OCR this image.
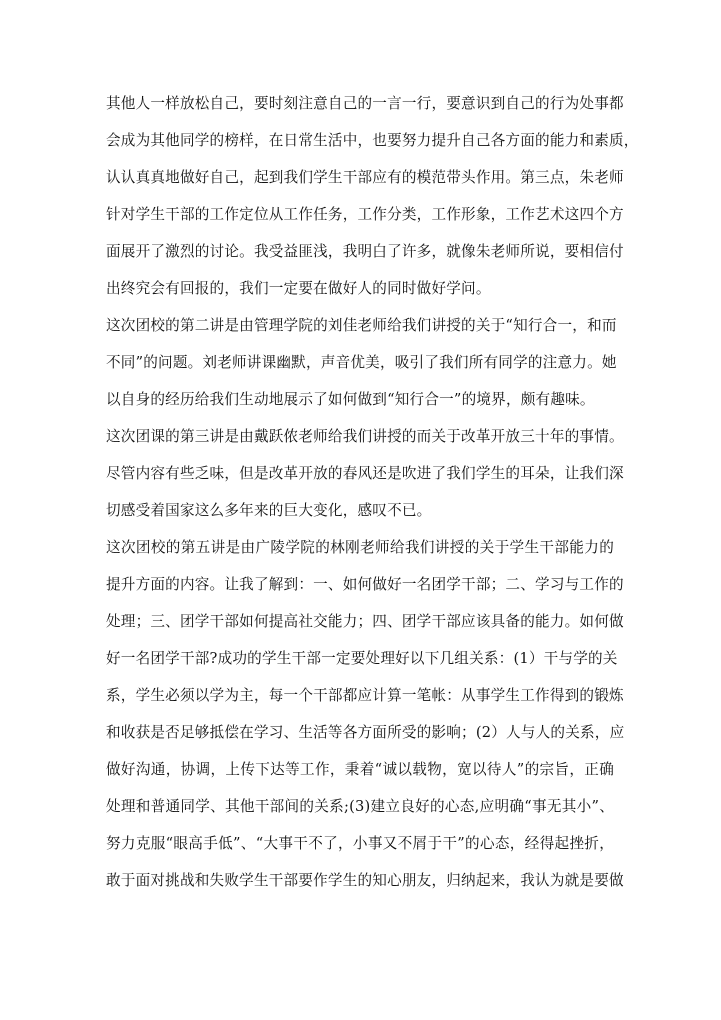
其他人一样放松自己，要时刻注意自己的一言一行，要意识到自己的行为处事都

会成为其他同学的榜样，在日常生活中，也要努力提升自己各方面的能力和素质，

认认真真地做好自己，起到我们学生干部应有的模范带头作用。第三点，朱老师

针对学生干部的工作定位从工作任务，工作分类，工作形象，工作艺术这四个方

面展开了激烈的讨论。我受益匪浅，我明白了许多，就像朱老师所说，要相信付

出终究会有回报的，我们一定要在做好人的同时做好学问。

这次团校的第二讲是由管理学院的刘佳老师给我们讲授的关于“知行合一，和而

不同”的问题。刘老师讲课幽默，声音优美，吸引了我们所有同学的注意力。她

以自身的经历给我们生动地展示了如何做到“知行合一”的境界，颇有趣味。

这次团课的第三讲是由戴跃侬老师给我们讲授的而关于改革开放三十年的事情。

尽管内容有些乏味，但是改革开放的春风还是吹进了我们学生的耳朵，让我们深

切感受着国家这么多年来的巨大变化，感叹不已。

这次团校的第五讲是由广陵学院的林刚老师给我们讲授的关于学生干部能力的

提升方面的内容。让我了解到：一、如何做好一名团学干部；二、学习与工作的

处理；三、团学干部如何提高社交能力；四、团学干部应该具备的能力。如何做

好一名团学干部?成功的学生干部一定要处理好以下几组关系：(1）干与学的关

系，学生必须以学为主，每一个干部都应计算一笔帐：从事学生工作得到的锻炼

和收获是否足够抵偿在学习、生活等各方面所受的影响；(2）人与人的关系，应

做好沟通，协调，上传下达等工作，秉着“诚以载物，宽以待人”的宗旨，正确

处理和普通同学、其他干部间的关系;(3)建立良好的心态,应明确“事无其小”、

努力克服“眼高手低”、“大事干不了，小事又不屑于干”的心态，经得起挫折，

敢于面对挑战和失败学生干部要作学生的知心朋友，归纳起来，我认为就是要做
